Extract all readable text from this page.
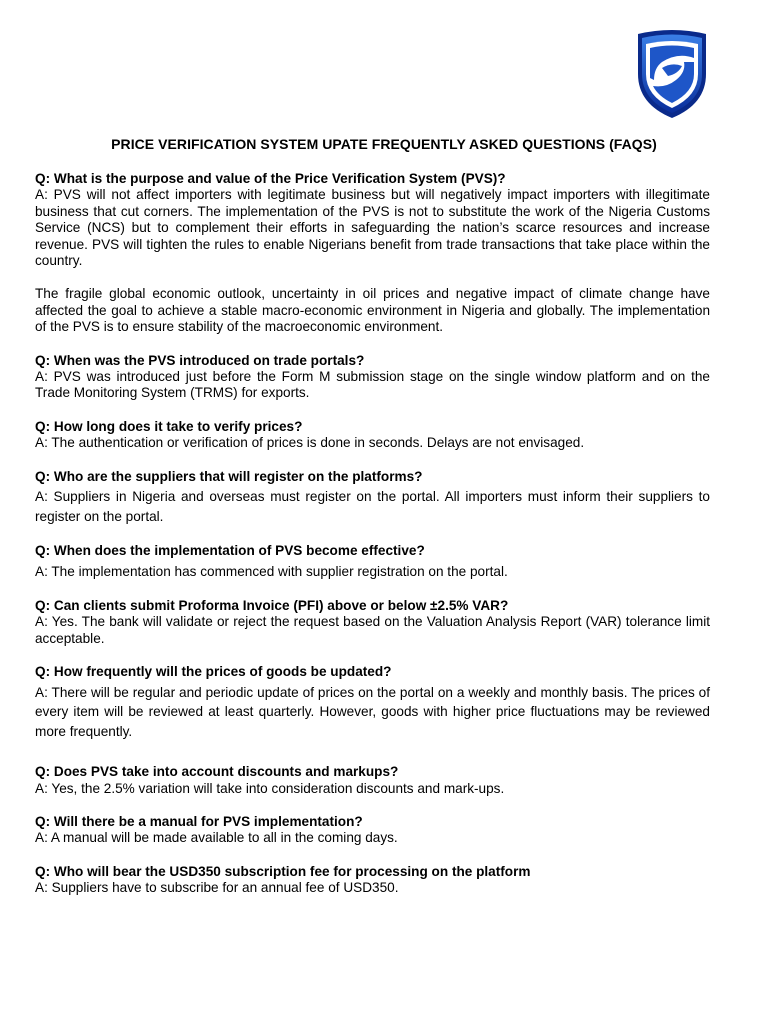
PRICE VERIFICATION SYSTEM UPATE FREQUENTLY ASKED QUESTIONS (FAQS)

Q: What is the purpose and value of the Price Verification System (PVS)?

A: PVS will not affect importers with legitimate business but will negatively impact importers with illegitimate business that cut corners. The implementation of the PVS is not to substitute the work of the Nigeria Customs Service (NCS) but to complement their efforts in safeguarding the nation’s scarce resources and increase revenue. PVS will tighten the rules to enable Nigerians benefit from trade transactions that take place within the country.

The fragile global economic outlook, uncertainty in oil prices and negative impact of climate change have affected the goal to achieve a stable macro-economic environment in Nigeria and globally. The implementation of the PVS is to ensure stability of the macroeconomic environment.

Q: When was the PVS introduced on trade portals?

A: PVS was introduced just before the Form M submission stage on the single window platform and on the Trade Monitoring System (TRMS) for exports.

Q: How long does it take to verify prices?

A: The authentication or verification of prices is done in seconds. Delays are not envisaged.

Q: Who are the suppliers that will register on the platforms?

A: Suppliers in Nigeria and overseas must register on the portal. All importers must inform their suppliers to register on the portal.

Q: When does the implementation of PVS become effective?

A: The implementation has commenced with supplier registration on the portal.

Q: Can clients submit Proforma Invoice (PFI) above or below ±2.5% VAR?

A: Yes. The bank will validate or reject the request based on the Valuation Analysis Report (VAR) tolerance limit acceptable.

Q: How frequently will the prices of goods be updated?

A: There will be regular and periodic update of prices on the portal on a weekly and monthly basis. The prices of every item will be reviewed at least quarterly. However, goods with higher price fluctuations may be reviewed more frequently.

Q: Does PVS take into account discounts and markups?

A: Yes, the 2.5% variation will take into consideration discounts and mark-ups.

Q: Will there be a manual for PVS implementation?

A: A manual will be made available to all in the coming days.

Q: Who will bear the USD350 subscription fee for processing on the platform

A: Suppliers have to subscribe for an annual fee of USD350.
